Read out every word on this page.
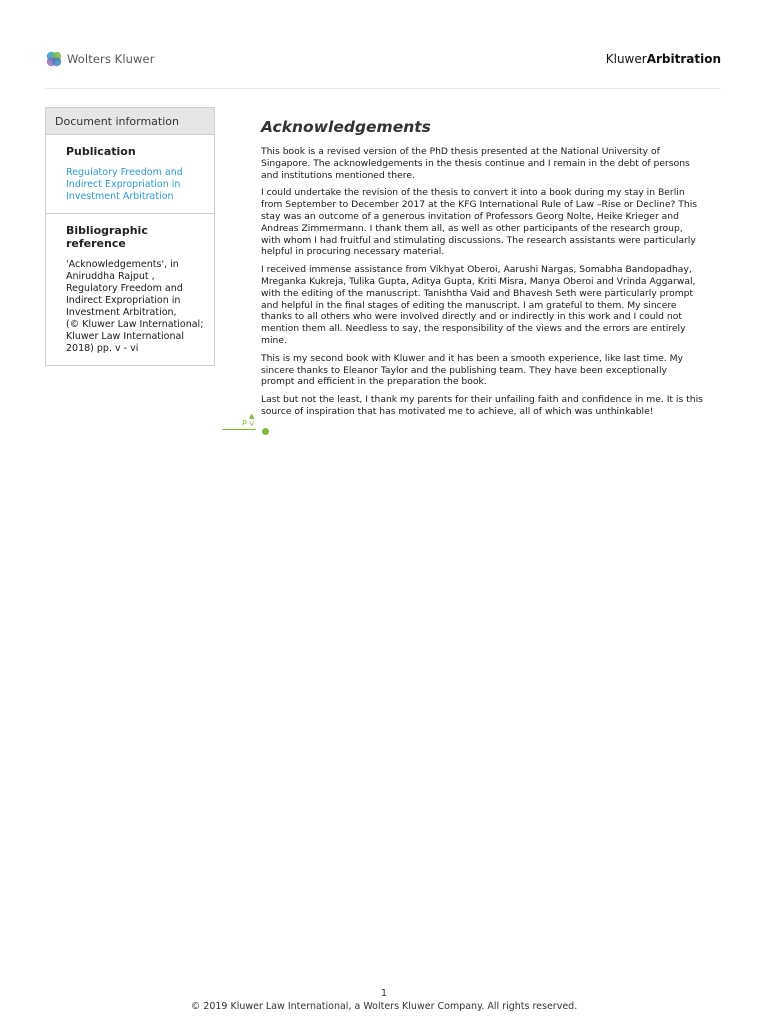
Wolters Kluwer	KluwerArbitration
Document information
Publication
Regulatory Freedom and
Indirect Expropriation in
Investment Arbitration
Bibliographic reference
'Acknowledgements', in
Aniruddha Rajput ,
Regulatory Freedom and
Indirect Expropriation in
Investment Arbitration,
(© Kluwer Law International;
Kluwer Law International
2018) pp. v - vi
Acknowledgements

This book is a revised version of the PhD thesis presented at the National University of Singapore. The acknowledgements in the thesis continue and I remain in the debt of persons and institutions mentioned there.

I could undertake the revision of the thesis to convert it into a book during my stay in Berlin from September to December 2017 at the KFG International Rule of Law –Rise or Decline? This stay was an outcome of a generous invitation of Professors Georg Nolte, Heike Krieger and Andreas Zimmermann. I thank them all, as well as other participants of the research group, with whom I had fruitful and stimulating discussions. The research assistants were particularly helpful in procuring necessary material.

I received immense assistance from Vikhyat Oberoi, Aarushi Nargas, Somabha Bandopadhay, Mreganka Kukreja, Tulika Gupta, Aditya Gupta, Kriti Misra, Manya Oberoi and Vrinda Aggarwal, with the editing of the manuscript. Tanishtha Vaid and Bhavesh Seth were particularly prompt and helpful in the final stages of editing the manuscript. I am grateful to them. My sincere thanks to all others who were involved directly and or indirectly in this work and I could not mention them all. Needless to say, the responsibility of the views and the errors are entirely mine.

This is my second book with Kluwer and it has been a smooth experience, like last time. My sincere thanks to Eleanor Taylor and the publishing team. They have been exceptionally prompt and efficient in the preparation the book.

Last but not the least, I thank my parents for their unfailing faith and confidence in me. It is this source of inspiration that has motivated me to achieve, all of which was unthinkable!

▲
P v
1
© 2019 Kluwer Law International, a Wolters Kluwer Company. All rights reserved.
